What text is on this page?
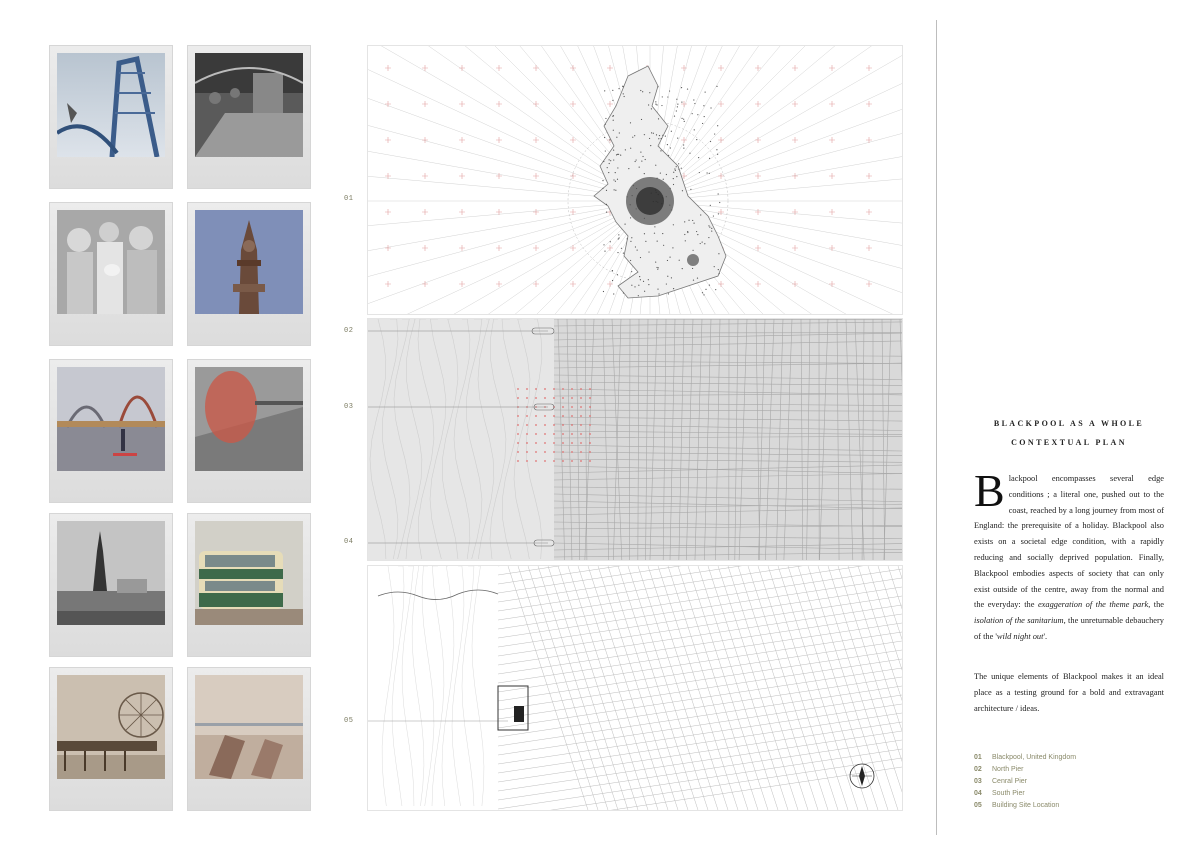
01
02
03
04
05
BLACKPOOL AS A WHOLE
CONTEXTUAL PLAN
Blackpool encompasses several edge conditions ; a literal one, pushed out to the coast, reached by a long journey from most of England: the prerequisite of a holiday. Blackpool also exists on a societal edge condition, with a rapidly reducing and socially deprived population. Finally, Blackpool embodies aspects of society that can only exist outside of the centre, away from the normal and the everyday: the exaggeration of the theme park, the isolation of the sanitarium, the unreturnable debauchery of the 'wild night out'.
The unique elements of Blackpool makes it an ideal place as a testing ground for a bold and extravagant architecture / ideas.
01 Blackpool, United Kingdom
02 North Pier
03 Cenral Pier
04 South Pier
05 Building Site Location
